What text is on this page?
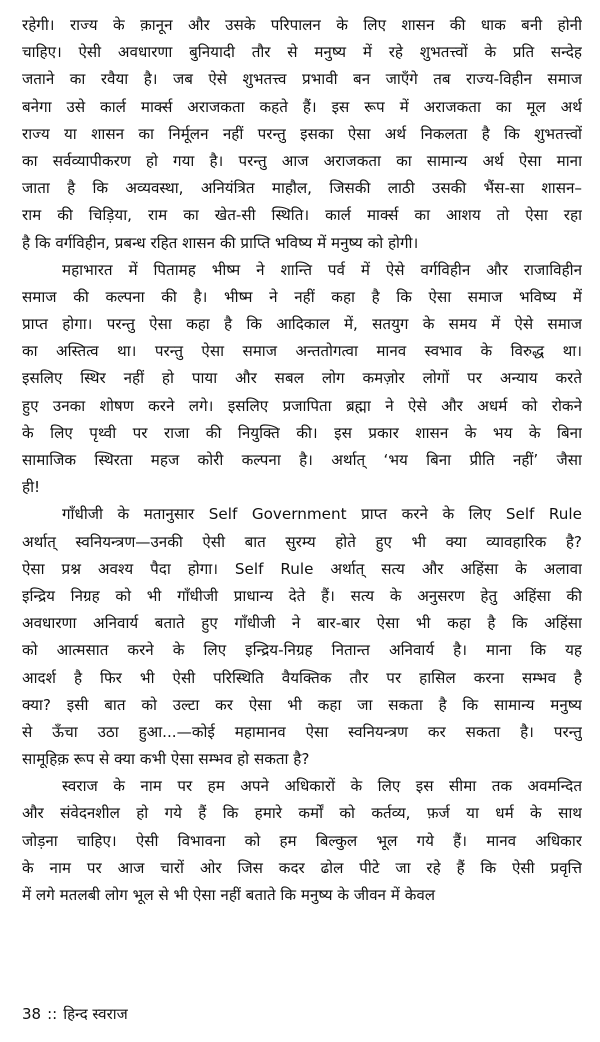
रहेगी। राज्य के क़ानून और उसके परिपालन के लिए शासन की धाक बनी होनी
चाहिए। ऐसी अवधारणा बुनियादी तौर से मनुष्य में रहे शुभतत्त्वों के प्रति सन्देह
जताने का रवैया है। जब ऐसे शुभतत्त्व प्रभावी बन जाएँगे तब राज्य-विहीन समाज
बनेगा उसे कार्ल मार्क्स अराजकता कहते हैं। इस रूप में अराजकता का मूल अर्थ
राज्य या शासन का निर्मूलन नहीं परन्तु इसका ऐसा अर्थ निकलता है कि शुभतत्त्वों
का सर्वव्यापीकरण हो गया है। परन्तु आज अराजकता का सामान्य अर्थ ऐसा माना
जाता है कि अव्यवस्था, अनियंत्रित माहौल, जिसकी लाठी उसकी भैंस-सा शासन–
राम की चिड़िया, राम का खेत-सी स्थिति। कार्ल मार्क्स का आशय तो ऐसा रहा
है कि वर्गविहीन, प्रबन्ध रहित शासन की प्राप्ति भविष्य में मनुष्य को होगी।
महाभारत में पितामह भीष्म ने शान्ति पर्व में ऐसे वर्गविहीन और राजाविहीन
समाज की कल्पना की है। भीष्म ने नहीं कहा है कि ऐसा समाज भविष्य में
प्राप्त होगा। परन्तु ऐसा कहा है कि आदिकाल में, सतयुग के समय में ऐसे समाज
का अस्तित्व था। परन्तु ऐसा समाज अन्ततोगत्वा मानव स्वभाव के विरुद्ध था।
इसलिए स्थिर नहीं हो पाया और सबल लोग कमज़ोर लोगों पर अन्याय करते
हुए उनका शोषण करने लगे। इसलिए प्रजापिता ब्रह्मा ने ऐसे और अधर्म को रोकने
के लिए पृथ्वी पर राजा की नियुक्ति की। इस प्रकार शासन के भय के बिना
सामाजिक स्थिरता महज कोरी कल्पना है। अर्थात् ‘भय बिना प्रीति नहीं’ जैसा
ही!
गाँधीजी के मतानुसार Self Government प्राप्त करने के लिए Self Rule
अर्थात् स्वनियन्त्रण—उनकी ऐसी बात सुरम्य होते हुए भी क्या व्यावहारिक है?
ऐसा प्रश्न अवश्य पैदा होगा। Self Rule अर्थात् सत्य और अहिंसा के अलावा
इन्द्रिय निग्रह को भी गाँधीजी प्राधान्य देते हैं। सत्य के अनुसरण हेतु अहिंसा की
अवधारणा अनिवार्य बताते हुए गाँधीजी ने बार-बार ऐसा भी कहा है कि अहिंसा
को आत्मसात करने के लिए इन्द्रिय-निग्रह नितान्त अनिवार्य है। माना कि यह
आदर्श है फिर भी ऐसी परिस्थिति वैयक्तिक तौर पर हासिल करना सम्भव है
क्या? इसी बात को उल्टा कर ऐसा भी कहा जा सकता है कि सामान्य मनुष्य
से ऊँचा उठा हुआ...—कोई महामानव ऐसा स्वनियन्त्रण कर सकता है। परन्तु
सामूहिक़ रूप से क्या कभी ऐसा सम्भव हो सकता है?
स्वराज के नाम पर हम अपने अधिकारों के लिए इस सीमा तक अवमन्दित
और संवेदनशील हो गये हैं कि हमारे कर्मों को कर्तव्य, फ़र्ज या धर्म के साथ
जोड़ना चाहिए। ऐसी विभावना को हम बिल्कुल भूल गये हैं। मानव अधिकार
के नाम पर आज चारों ओर जिस कदर ढोल पीटे जा रहे हैं कि ऐसी प्रवृत्ति
में लगे मतलबी लोग भूल से भी ऐसा नहीं बताते कि मनुष्य के जीवन में केवल
38 :: हिन्द स्वराज
